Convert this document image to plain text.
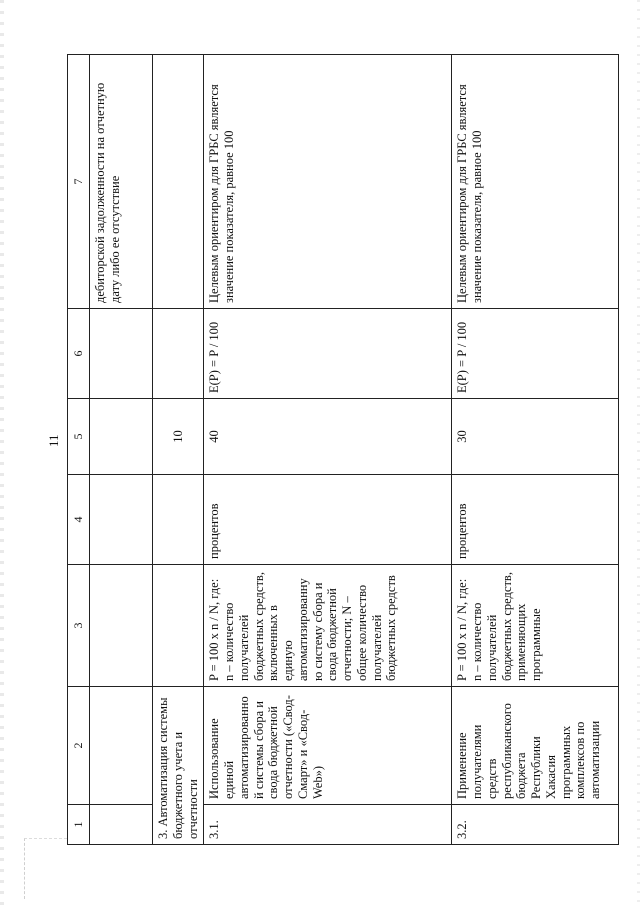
11
1	2	3	4	5	6	7
						дебиторской задолженности на отчетную дату либо ее отсутствие
3. Автоматизация системы бюджетного учета и отчетности				10		
3.1.	Использование единой автоматизированной системы сбора и свода бюджетной отчетности («Свод-Смарт» и «Свод-Web»)	P = 100 x n / N, где: n – количество получателей бюджетных средств, включенных в единую автоматизированную систему сбора и свода бюджетной отчетности; N – общее количество получателей бюджетных средств	процентов	40	E(P) = P / 100	Целевым ориентиром для ГРБС является значение показателя, равное 100
3.2.	Применение получателями средств республиканского бюджета Республики Хакасия программных комплексов по автоматизации	P = 100 x n / N, где: n – количество получателей бюджетных средств, применяющих программные	процентов	30	E(P) = P / 100	Целевым ориентиром для ГРБС является значение показателя, равное 100
